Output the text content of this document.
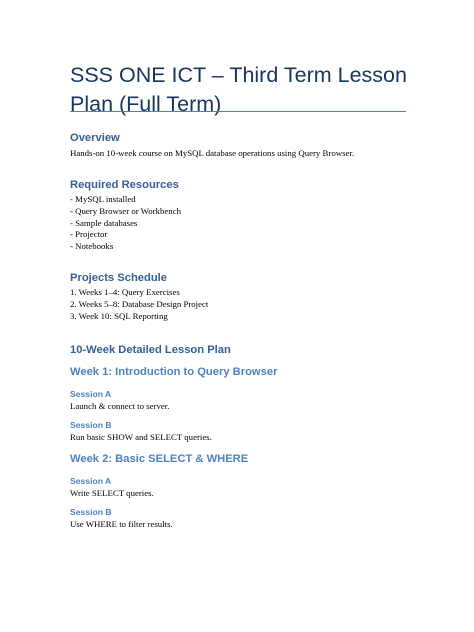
SSS ONE ICT – Third Term Lesson Plan (Full Term)
Overview

Hands-on 10-week course on MySQL database operations using Query Browser.

Required Resources
- MySQL installed
- Query Browser or Workbench
- Sample databases
- Projector
- Notebooks
Projects Schedule
1. Weeks 1–4: Query Exercises
2. Weeks 5–8: Database Design Project
3. Week 10: SQL Reporting
10-Week Detailed Lesson Plan
Week 1: Introduction to Query Browser
Session A

Launch & connect to server.

Session B

Run basic SHOW and SELECT queries.

Week 2: Basic SELECT & WHERE
Session A

Write SELECT queries.

Session B

Use WHERE to filter results.
